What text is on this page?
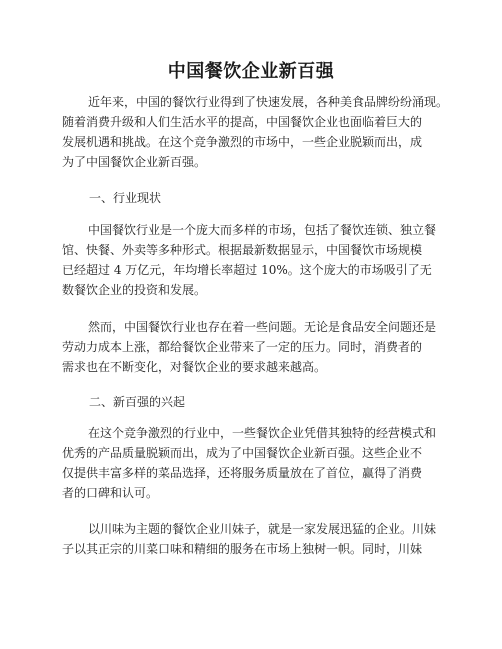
中国餐饮企业新百强
近年来，中国的餐饮行业得到了快速发展，各种美食品牌纷纷涌现。
随着消费升级和人们生活水平的提高，中国餐饮企业也面临着巨大的
发展机遇和挑战。在这个竞争激烈的市场中，一些企业脱颖而出，成
为了中国餐饮企业新百强。
一、行业现状
中国餐饮行业是一个庞大而多样的市场，包括了餐饮连锁、独立餐
馆、快餐、外卖等多种形式。根据最新数据显示，中国餐饮市场规模
已经超过 4 万亿元，年均增长率超过 10%。这个庞大的市场吸引了无
数餐饮企业的投资和发展。
然而，中国餐饮行业也存在着一些问题。无论是食品安全问题还是
劳动力成本上涨，都给餐饮企业带来了一定的压力。同时，消费者的
需求也在不断变化，对餐饮企业的要求越来越高。
二、新百强的兴起
在这个竞争激烈的行业中，一些餐饮企业凭借其独特的经营模式和
优秀的产品质量脱颖而出，成为了中国餐饮企业新百强。这些企业不
仅提供丰富多样的菜品选择，还将服务质量放在了首位，赢得了消费
者的口碑和认可。
以川味为主题的餐饮企业川妹子，就是一家发展迅猛的企业。川妹
子以其正宗的川菜口味和精细的服务在市场上独树一帜。同时，川妹
